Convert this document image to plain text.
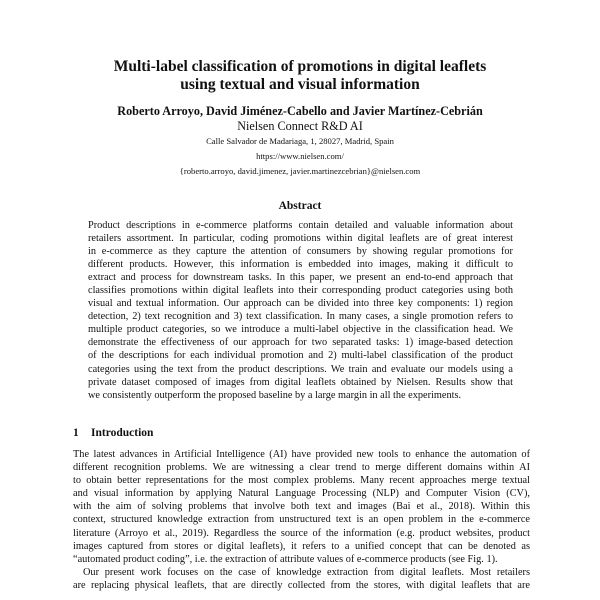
Multi-label classification of promotions in digital leaflets
using textual and visual information
Roberto Arroyo, David Jiménez-Cabello and Javier Martínez-Cebrián
Nielsen Connect R&D AI
Calle Salvador de Madariaga, 1, 28027, Madrid, Spain
https://www.nielsen.com/
{roberto.arroyo, david.jimenez, javier.martinezcebrian}@nielsen.com
Abstract
Product descriptions in e-commerce platforms contain detailed and valuable information about
retailers assortment. In particular, coding promotions within digital leaflets are of great interest
in e-commerce as they capture the attention of consumers by showing regular promotions for
different products. However, this information is embedded into images, making it difficult to
extract and process for downstream tasks. In this paper, we present an end-to-end approach that
classifies promotions within digital leaflets into their corresponding product categories using both
visual and textual information. Our approach can be divided into three key components: 1) region
detection, 2) text recognition and 3) text classification. In many cases, a single promotion refers to
multiple product categories, so we introduce a multi-label objective in the classification head. We
demonstrate the effectiveness of our approach for two separated tasks: 1) image-based detection
of the descriptions for each individual promotion and 2) multi-label classification of the product
categories using the text from the product descriptions. We train and evaluate our models using a
private dataset composed of images from digital leaflets obtained by Nielsen. Results show that
we consistently outperform the proposed baseline by a large margin in all the experiments.
1 Introduction
The latest advances in Artificial Intelligence (AI) have provided new tools to enhance the automation of
different recognition problems. We are witnessing a clear trend to merge different domains within AI
to obtain better representations for the most complex problems. Many recent approaches merge textual
and visual information by applying Natural Language Processing (NLP) and Computer Vision (CV),
with the aim of solving problems that involve both text and images (Bai et al., 2018). Within this
context, structured knowledge extraction from unstructured text is an open problem in the e-commerce
literature (Arroyo et al., 2019). Regardless the source of the information (e.g. product websites, product
images captured from stores or digital leaflets), it refers to a unified concept that can be denoted as
“automated product coding”, i.e. the extraction of attribute values of e-commerce products (see Fig. 1).
Our present work focuses on the case of knowledge extraction from digital leaflets. Most retailers
are replacing physical leaflets, that are directly collected from the stores, with digital leaflets that are
